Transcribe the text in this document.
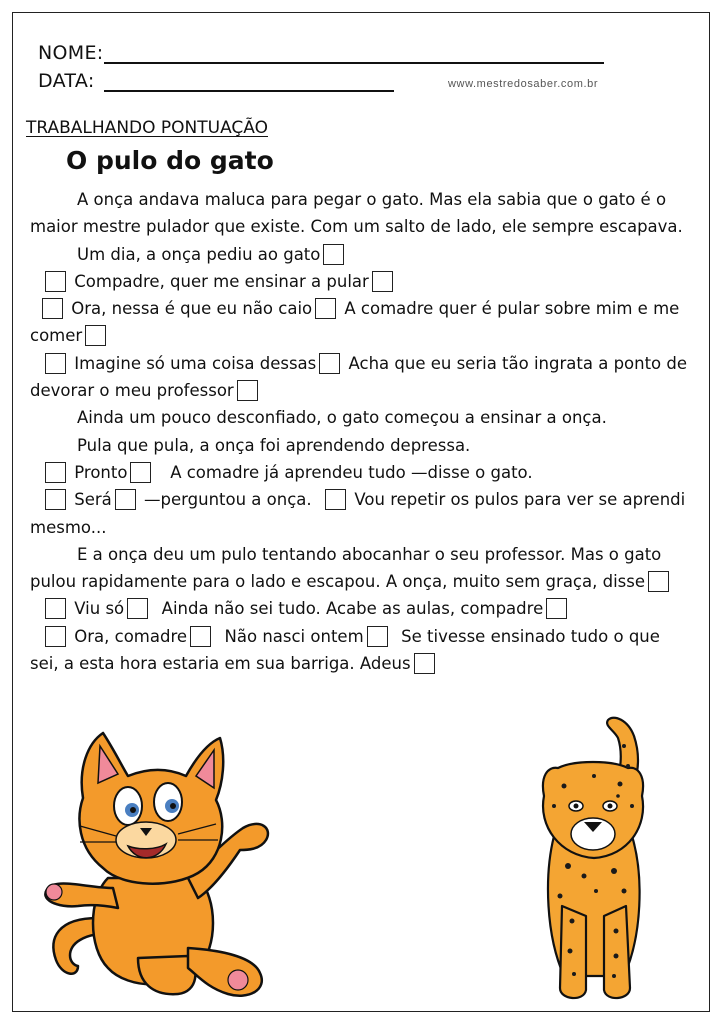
NOME:
DATA:	www.mestredosaber.com.br
TRABALHANDO PONTUAÇÃO
O pulo do gato

A onça andava maluca para pegar o gato. Mas ela sabia que o gato é o maior mestre pulador que existe. Com um salto de lado, ele sempre escapava.

Um dia, a onça pediu ao gato

Compadre, quer me ensinar a pular

Ora, nessa é que eu não caio A comadre quer é pular sobre mim e me comer

Imagine só uma coisa dessas Acha que eu seria tão ingrata a ponto de devorar o meu professor

Ainda um pouco desconfiado, o gato começou a ensinar a onça.

Pula que pula, a onça foi aprendendo depressa.

Pronto	A comadre já aprendeu tudo —disse o gato.

Será —perguntou a onça.	Vou repetir os pulos para ver se aprendi mesmo...

E a onça deu um pulo tentando abocanhar o seu professor. Mas o gato pulou rapidamente para o lado e escapou. A onça, muito sem graça, disse

Viu só Ainda não sei tudo. Acabe as aulas, compadre

Ora, comadre Não nasci ontem Se tivesse ensinado tudo o que sei, a esta hora estaria em sua barriga. Adeus
